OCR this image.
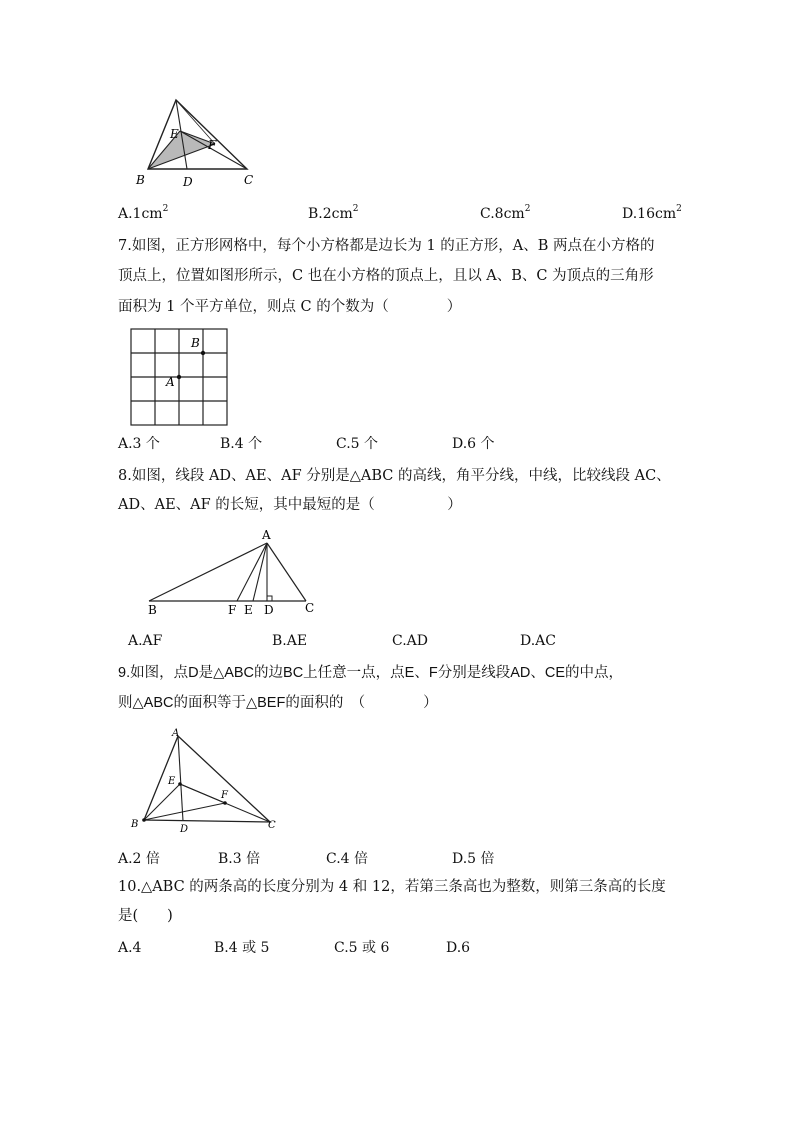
E
F
B	D	C
$A.1cm^2$	$B.2cm^2$	$C.8cm^2$	$D.16cm^2$
7.如图，正方形网格中，每个小方格都是边长为 1 的正方形，A、B 两点在小方格的
顶点上，位置如图形所示，C 也在小方格的顶点上，且以 A、B、C 为顶点的三角形
面积为 1 个平方单位，则点 C 的个数为（　　　　）
A
B
A.3 个	B.4 个	C.5 个	D.6 个
8.如图，线段 AD、AE、AF 分别是△ABC 的高线，角平分线，中线，比较线段 AC、
AD、AE、AF 的长短，其中最短的是（　　　　　）
A
B	F E D	C
A.AF	B.AE	C.AD	D.AC
9.如图，点D是△ABC的边BC上任意一点，点E、F分别是线段AD、CE的中点，
则△ABC的面积等于△BEF的面积的　（　　　　）
A
E
F
B	D	C
A.2 倍	B.3 倍	C.4 倍	D.5 倍
10.△ABC 的两条高的长度分别为 4 和 12，若第三条高也为整数，则第三条高的长度
是(　　)
A.4	B.4 或 5	C.5 或 6	D.6
